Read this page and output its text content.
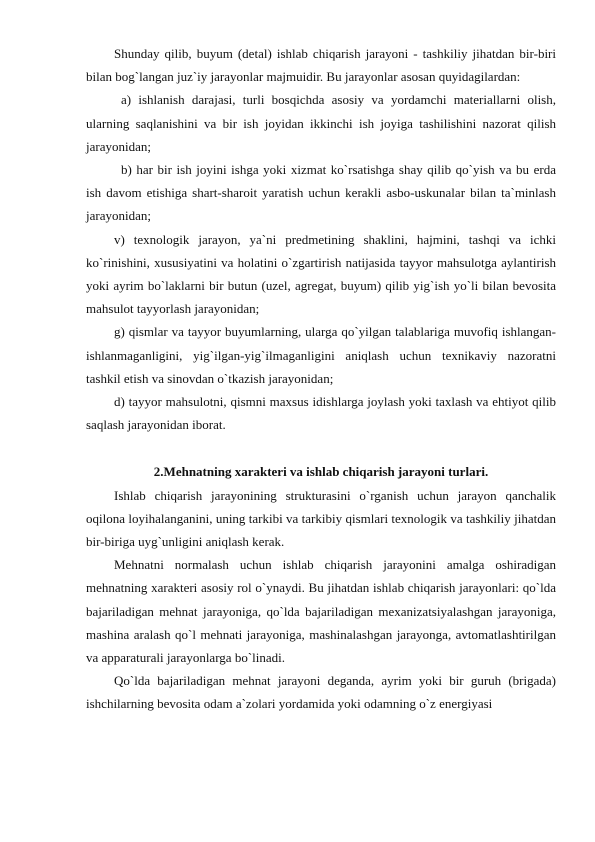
Shunday qilib, buyum (detal) ishlab chiqarish jarayoni - tashkiliy jihatdan bir-biri bilan bog`langan juz`iy jarayonlar majmuidir. Bu jarayonlar asosan quyidagilardan:

a) ishlanish darajasi, turli bosqichda asosiy va yordamchi materiallarni olish, ularning saqlanishini va bir ish joyidan ikkinchi ish joyiga tashilishini nazorat qilish jarayonidan;

b) har bir ish joyini ishga yoki xizmat ko`rsatishga shay qilib qo`yish va bu erda ish davom etishiga shart-sharoit yaratish uchun kerakli asbo-uskunalar bilan ta`minlash jarayonidan;

v) texnologik jarayon, ya`ni predmetining shaklini, hajmini, tashqi va ichki ko`rinishini, xususiyatini va holatini o`zgartirish natijasida tayyor mahsulotga aylantirish yoki ayrim bo`laklarni bir butun (uzel, agregat, buyum) qilib yig`ish yo`li bilan bevosita mahsulot tayyorlash jarayonidan;

g) qismlar va tayyor buyumlarning, ularga qo`yilgan talablariga muvofiq ishlangan-ishlanmaganligini, yig`ilgan-yig`ilmaganligini aniqlash uchun texnikaviy nazoratni tashkil etish va sinovdan o`tkazish jarayonidan;

d) tayyor mahsulotni, qismni maxsus idishlarga joylash yoki taxlash va ehtiyot qilib saqlash jarayonidan iborat.

2.Mehnatning xarakteri va ishlab chiqarish jarayoni turlari.

Ishlab chiqarish jarayonining strukturasini o`rganish uchun jarayon qanchalik oqilona loyihalanganini, uning tarkibi va tarkibiy qismlari texnologik va tashkiliy jihatdan bir-biriga uyg`unligini aniqlash kerak.

Mehnatni normalash uchun ishlab chiqarish jarayonini amalga oshiradigan mehnatning xarakteri asosiy rol o`ynaydi. Bu jihatdan ishlab chiqarish jarayonlari: qo`lda bajariladigan mehnat jarayoniga, qo`lda bajariladigan mexanizatsiyalashgan jarayoniga, mashina aralash qo`l mehnati jarayoniga, mashinalashgan jarayonga, avtomatlashtirilgan va apparaturali jarayonlarga bo`linadi.

Qo`lda bajariladigan mehnat jarayoni deganda, ayrim yoki bir guruh (brigada) ishchilarning bevosita odam a`zolari yordamida yoki odamning o`z energiyasi
